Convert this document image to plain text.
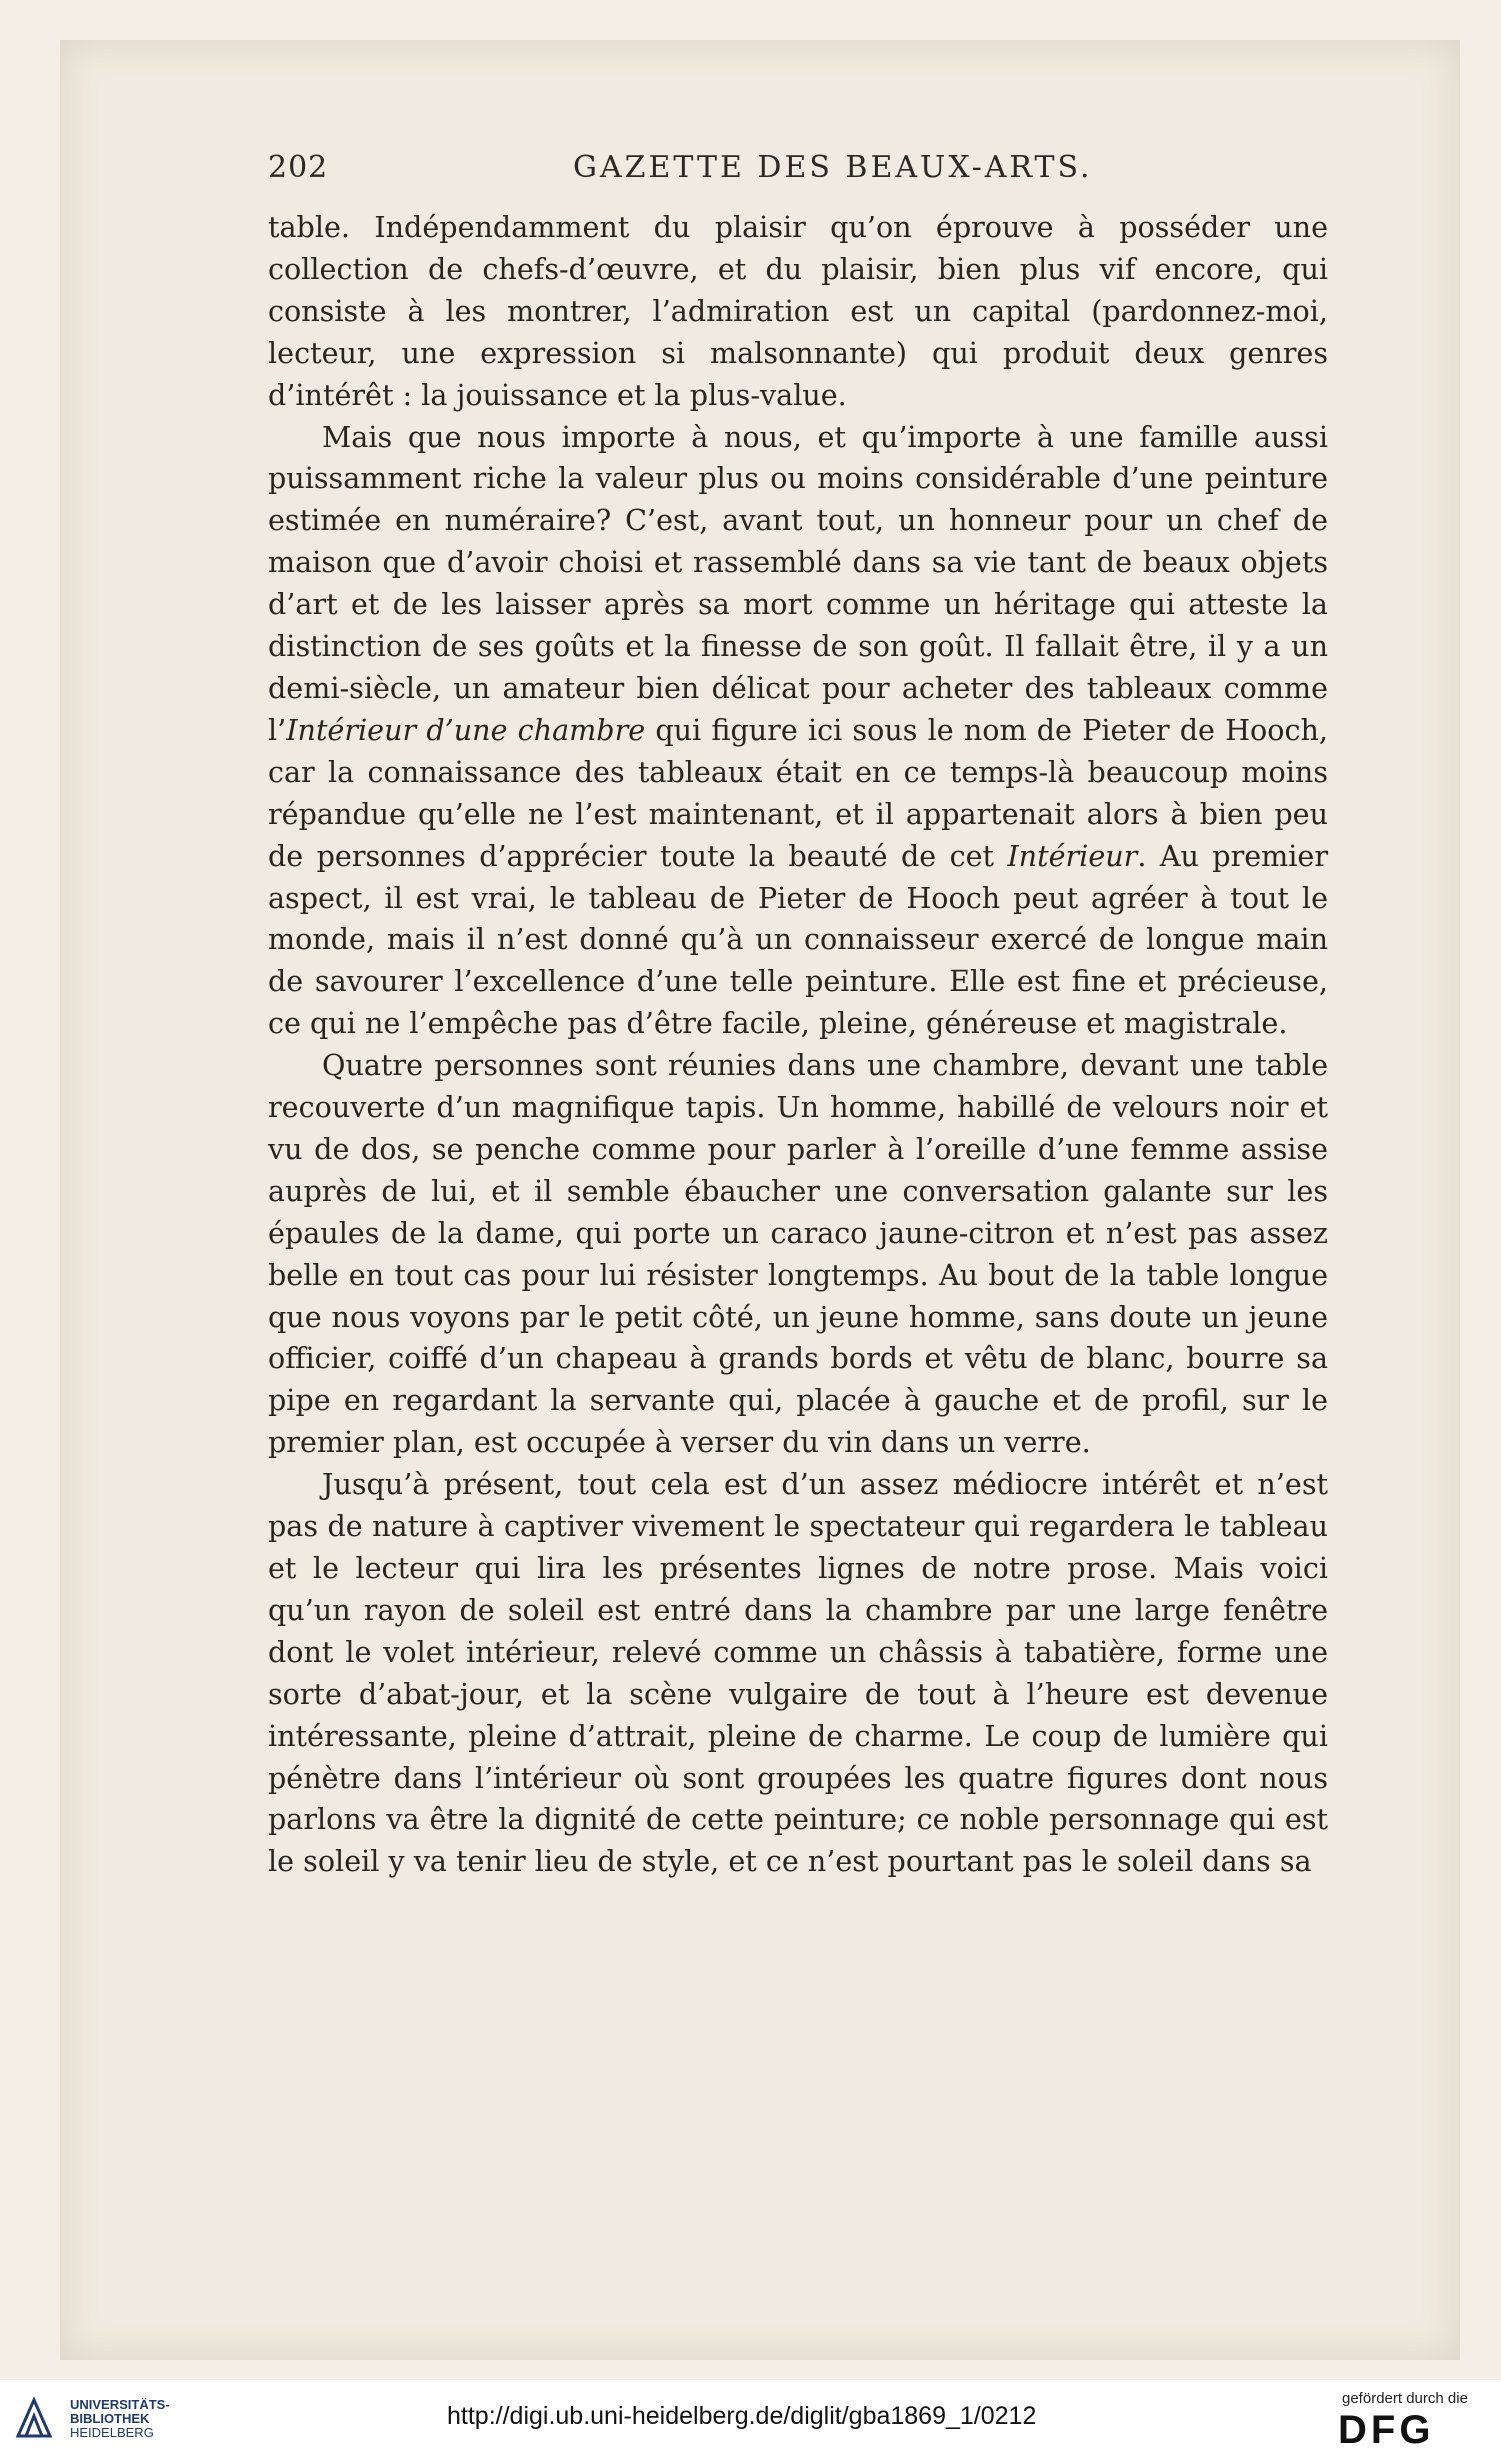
202	GAZETTE DES BEAUX-ARTS.

table. Indépendamment du plaisir qu’on éprouve à posséder une collection de chefs-d’œuvre, et du plaisir, bien plus vif encore, qui consiste à les montrer, l’admiration est un capital (pardonnez-moi, lecteur, une expression si malsonnante) qui produit deux genres d’intérêt : la jouissance et la plus-value.

Mais que nous importe à nous, et qu’importe à une famille aussi puissamment riche la valeur plus ou moins considérable d’une peinture estimée en numéraire? C’est, avant tout, un honneur pour un chef de maison que d’avoir choisi et rassemblé dans sa vie tant de beaux objets d’art et de les laisser après sa mort comme un héritage qui atteste la distinction de ses goûts et la finesse de son goût. Il fallait être, il y a un demi-siècle, un amateur bien délicat pour acheter des tableaux comme l’Intérieur d’une chambre qui figure ici sous le nom de Pieter de Hooch, car la connaissance des tableaux était en ce temps-là beaucoup moins répandue qu’elle ne l’est maintenant, et il appartenait alors à bien peu de personnes d’apprécier toute la beauté de cet Intérieur. Au premier aspect, il est vrai, le tableau de Pieter de Hooch peut agréer à tout le monde, mais il n’est donné qu’à un connaisseur exercé de longue main de savourer l’excellence d’une telle peinture. Elle est fine et précieuse, ce qui ne l’empêche pas d’être facile, pleine, généreuse et magistrale.

Quatre personnes sont réunies dans une chambre, devant une table recouverte d’un magnifique tapis. Un homme, habillé de velours noir et vu de dos, se penche comme pour parler à l’oreille d’une femme assise auprès de lui, et il semble ébaucher une conversation galante sur les épaules de la dame, qui porte un caraco jaune-citron et n’est pas assez belle en tout cas pour lui résister longtemps. Au bout de la table longue que nous voyons par le petit côté, un jeune homme, sans doute un jeune officier, coiffé d’un chapeau à grands bords et vêtu de blanc, bourre sa pipe en regardant la servante qui, placée à gauche et de profil, sur le premier plan, est occupée à verser du vin dans un verre.

Jusqu’à présent, tout cela est d’un assez médiocre intérêt et n’est pas de nature à captiver vivement le spectateur qui regardera le tableau et le lecteur qui lira les présentes lignes de notre prose. Mais voici qu’un rayon de soleil est entré dans la chambre par une large fenêtre dont le volet intérieur, relevé comme un châssis à tabatière, forme une sorte d’abat-jour, et la scène vulgaire de tout à l’heure est devenue intéressante, pleine d’attrait, pleine de charme. Le coup de lumière qui pénètre dans l’intérieur où sont groupées les quatre figures dont nous parlons va être la dignité de cette peinture; ce noble personnage qui est le soleil y va tenir lieu de style, et ce n’est pourtant pas le soleil dans sa

UNIVERSITÄTS-
BIBLIOTHEK
HEIDELBERG
http://digi.ub.uni-heidelberg.de/diglit/gba1869_1/0212
gefördert durch die
DFG
